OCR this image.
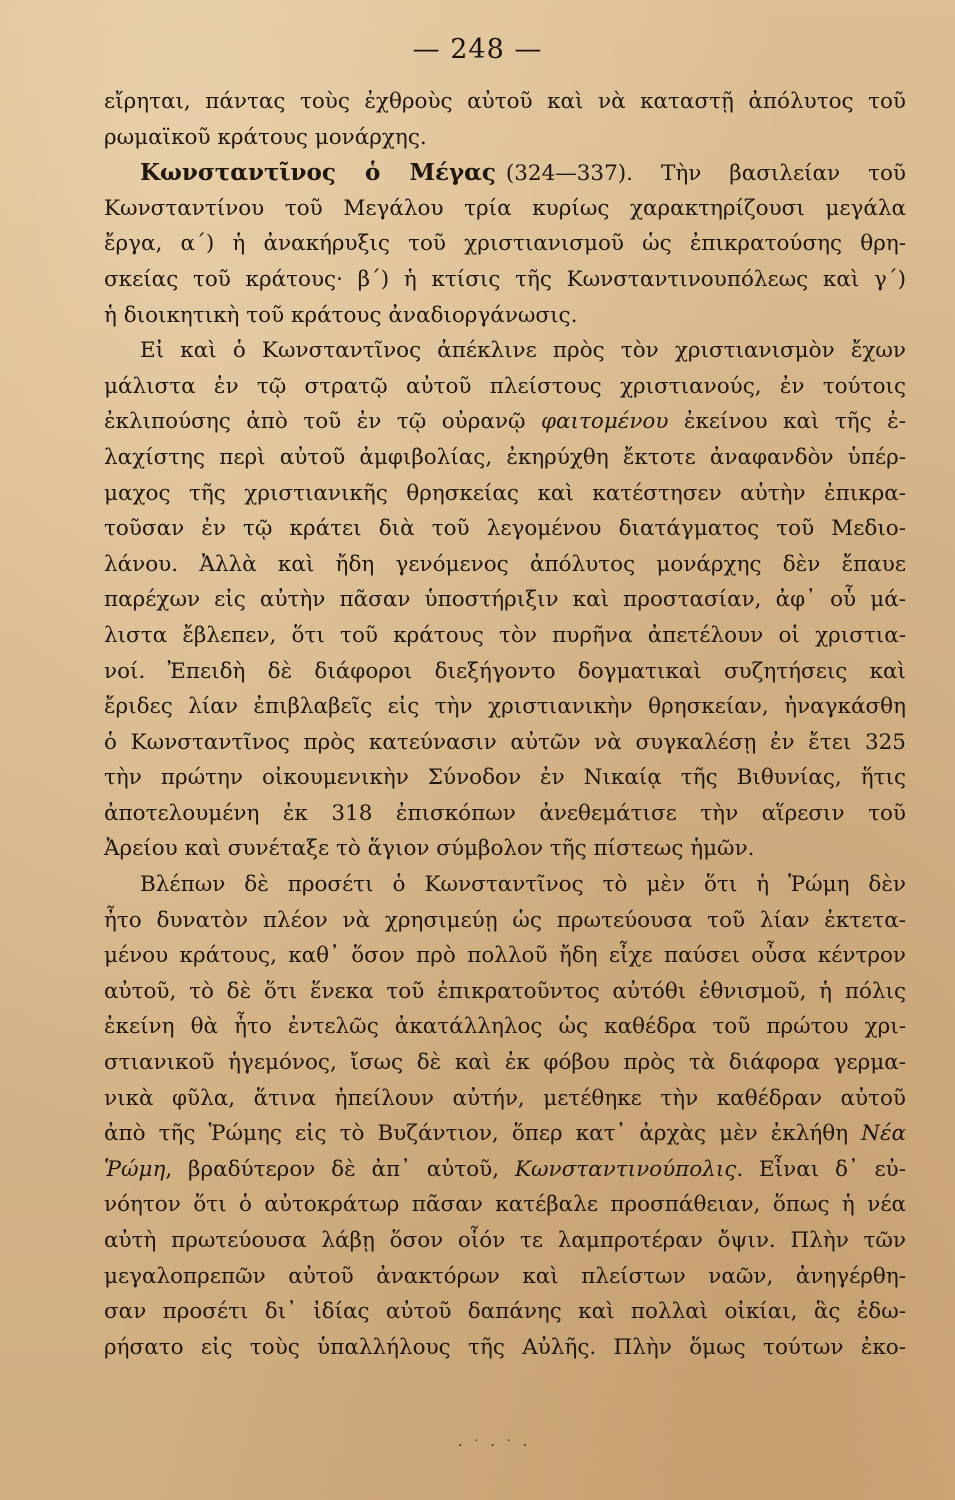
— 248 —
εἴρηται, πάντας τοὺς ἐχθροὺς αὐτοῦ καὶ νὰ καταστῇ ἀπόλυτος τοῦ
ρωμαϊκοῦ κράτους μονάρχης.
Κωνσταντῖνος ὁ Μέγας (324—337). Τὴν βασιλείαν τοῦ
Κωνσταντίνου τοῦ Μεγάλου τρία κυρίως χαρακτηρίζουσι μεγάλα
ἔργα, α΄) ἡ ἀνακήρυξις τοῦ χριστιανισμοῦ ὡς ἐπικρατούσης θρη-
σκείας τοῦ κράτους· β΄) ἡ κτίσις τῆς Κωνσταντινουπόλεως καὶ γ΄)
ἡ διοικητικὴ τοῦ κράτους ἀναδιοργάνωσις.
Εἰ καὶ ὁ Κωνσταντῖνος ἀπέκλινε πρὸς τὸν χριστιανισμὸν ἔχων
μάλιστα ἐν τῷ στρατῷ αὐτοῦ πλείστους χριστιανούς, ἐν τούτοις
ἐκλιπούσης ἀπὸ τοῦ ἐν τῷ οὐρανῷ φαιτομένου ἐκείνου καὶ τῆς ἐ-
λαχίστης περὶ αὐτοῦ ἀμφιβολίας, ἐκηρύχθη ἔκτοτε ἀναφανδὸν ὑπέρ-
μαχος τῆς χριστιανικῆς θρησκείας καὶ κατέστησεν αὐτὴν ἐπικρα-
τοῦσαν ἐν τῷ κράτει διὰ τοῦ λεγομένου διατάγματος τοῦ Μεδιο-
λάνου. Ἀλλὰ καὶ ἤδη γενόμενος ἀπόλυτος μονάρχης δὲν ἔπαυε
παρέχων εἰς αὐτὴν πᾶσαν ὑποστήριξιν καὶ προστασίαν, ἀφ᾿ οὗ μά-
λιστα ἔβλεπεν, ὅτι τοῦ κράτους τὸν πυρῆνα ἀπετέλουν οἱ χριστια-
νοί. Ἐπειδὴ δὲ διάφοροι διεξήγοντο δογματικαὶ συζητήσεις καὶ
ἔριδες λίαν ἐπιβλαβεῖς εἰς τὴν χριστιανικὴν θρησκείαν, ἠναγκάσθη
ὁ Κωνσταντῖνος πρὸς κατεύνασιν αὐτῶν νὰ συγκαλέσῃ ἐν ἔτει 325
τὴν πρώτην οἰκουμενικὴν Σύνοδον ἐν Νικαίᾳ τῆς Βιθυνίας, ἥτις
ἀποτελουμένη ἐκ 318 ἐπισκόπων ἀνεθεμάτισε τὴν αἵρεσιν τοῦ
Ἀρείου καὶ συνέταξε τὸ ἅγιον σύμβολον τῆς πίστεως ἡμῶν.
Βλέπων δὲ προσέτι ὁ Κωνσταντῖνος τὸ μὲν ὅτι ἡ Ῥώμη δὲν
ἦτο δυνατὸν πλέον νὰ χρησιμεύῃ ὡς πρωτεύουσα τοῦ λίαν ἐκτετα-
μένου κράτους, καθ᾿ ὅσον πρὸ πολλοῦ ἤδη εἶχε παύσει οὖσα κέντρον
αὐτοῦ, τὸ δὲ ὅτι ἕνεκα τοῦ ἐπικρατοῦντος αὐτόθι ἐθνισμοῦ, ἡ πόλις
ἐκείνη θὰ ἦτο ἐντελῶς ἀκατάλληλος ὡς καθέδρα τοῦ πρώτου χρι-
στιανικοῦ ἡγεμόνος, ἴσως δὲ καὶ ἐκ φόβου πρὸς τὰ διάφορα γερμα-
νικὰ φῦλα, ἅτινα ἠπείλουν αὐτήν, μετέθηκε τὴν καθέδραν αὐτοῦ
ἀπὸ τῆς Ῥώμης εἰς τὸ Βυζάντιον, ὅπερ κατ᾿ ἀρχὰς μὲν ἐκλήθη Νέα
Ῥώμη, βραδύτερον δὲ ἀπ᾿ αὐτοῦ, Κωνσταντινούπολις. Εἶναι δ᾿ εὐ-
νόητον ὅτι ὁ αὐτοκράτωρ πᾶσαν κατέβαλε προσπάθειαν, ὅπως ἡ νέα
αὐτὴ πρωτεύουσα λάβῃ ὅσον οἷόν τε λαμπροτέραν ὄψιν. Πλὴν τῶν
μεγαλοπρεπῶν αὐτοῦ ἀνακτόρων καὶ πλείστων ναῶν, ἀνηγέρθη-
σαν προσέτι δι᾿ ἰδίας αὐτοῦ δαπάνης καὶ πολλαὶ οἰκίαι, ἃς ἐδω-
ρήσατο εἰς τοὺς ὑπαλλήλους τῆς Αὐλῆς. Πλὴν ὅμως τούτων ἐκο-
· ˙ · ˙ ·
